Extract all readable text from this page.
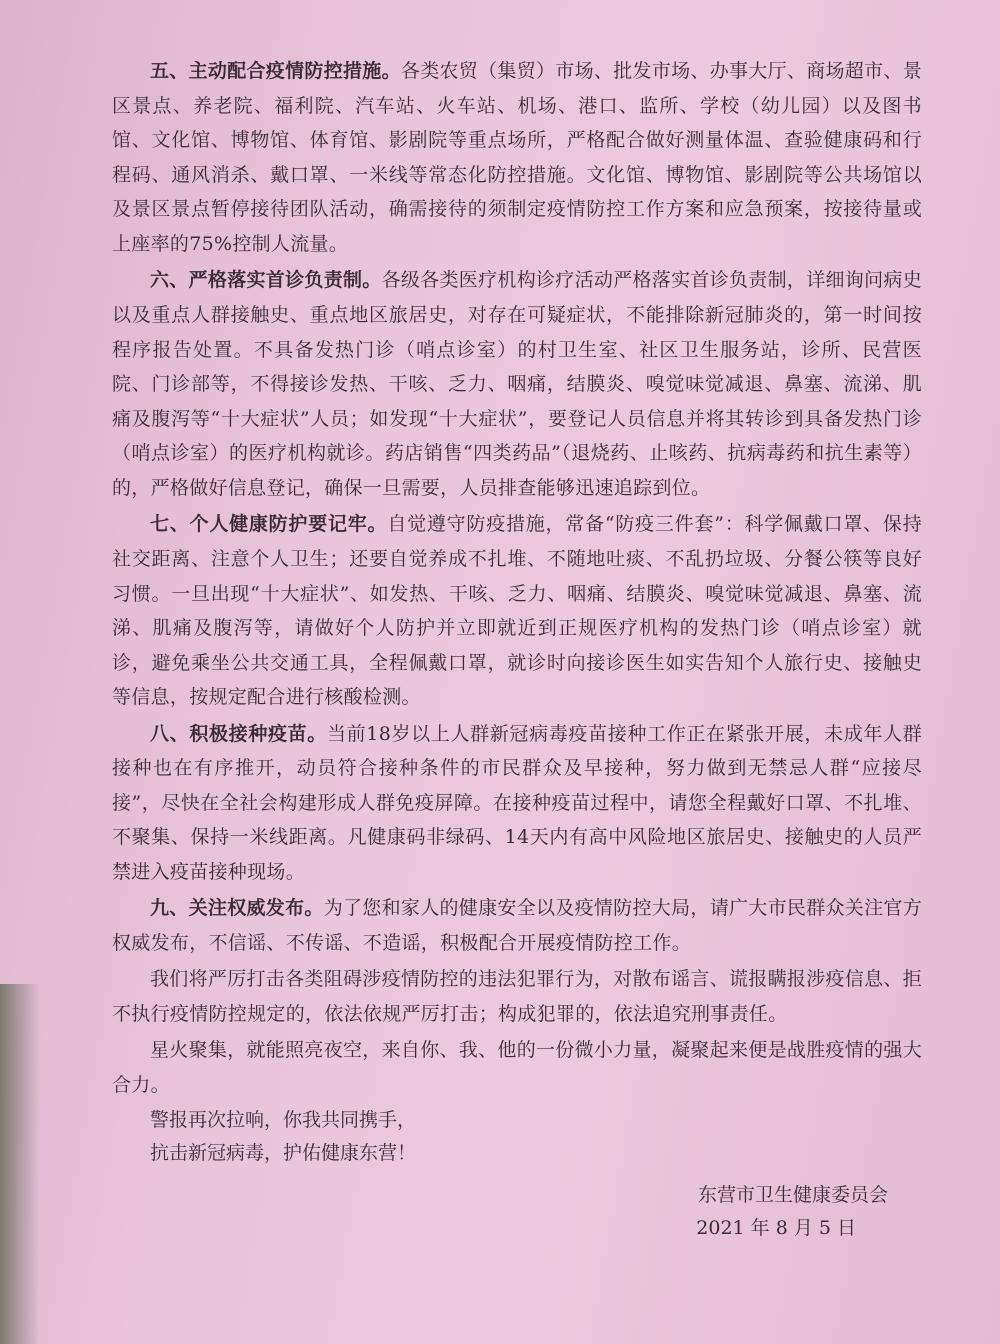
五、主动配合疫情防控措施。各类农贸（集贸）市场、批发市场、办事大厅、商场超市、景区景点、养老院、福利院、汽车站、火车站、机场、港口、监所、学校（幼儿园）以及图书馆、文化馆、博物馆、体育馆、影剧院等重点场所，严格配合做好测量体温、查验健康码和行程码、通风消杀、戴口罩、一米线等常态化防控措施。文化馆、博物馆、影剧院等公共场馆以及景区景点暂停接待团队活动，确需接待的须制定疫情防控工作方案和应急预案，按接待量或上座率的75%控制人流量。

六、严格落实首诊负责制。各级各类医疗机构诊疗活动严格落实首诊负责制，详细询问病史以及重点人群接触史、重点地区旅居史，对存在可疑症状，不能排除新冠肺炎的，第一时间按程序报告处置。不具备发热门诊（哨点诊室）的村卫生室、社区卫生服务站，诊所、民营医院、门诊部等，不得接诊发热、干咳、乏力、咽痛，结膜炎、嗅觉味觉减退、鼻塞、流涕、肌痛及腹泻等“十大症状”人员；如发现“十大症状”，要登记人员信息并将其转诊到具备发热门诊（哨点诊室）的医疗机构就诊。药店销售“四类药品”（退烧药、止咳药、抗病毒药和抗生素等）的，严格做好信息登记，确保一旦需要，人员排查能够迅速追踪到位。

七、个人健康防护要记牢。自觉遵守防疫措施，常备“防疫三件套”：科学佩戴口罩、保持社交距离、注意个人卫生；还要自觉养成不扎堆、不随地吐痰、不乱扔垃圾、分餐公筷等良好习惯。一旦出现“十大症状”、如发热、干咳、乏力、咽痛、结膜炎、嗅觉味觉减退、鼻塞、流涕、肌痛及腹泻等，请做好个人防护并立即就近到正规医疗机构的发热门诊（哨点诊室）就诊，避免乘坐公共交通工具，全程佩戴口罩，就诊时向接诊医生如实告知个人旅行史、接触史等信息，按规定配合进行核酸检测。

八、积极接种疫苗。当前18岁以上人群新冠病毒疫苗接种工作正在紧张开展，未成年人群接种也在有序推开，动员符合接种条件的市民群众及早接种，努力做到无禁忌人群“应接尽接”，尽快在全社会构建形成人群免疫屏障。在接种疫苗过程中，请您全程戴好口罩、不扎堆、不聚集、保持一米线距离。凡健康码非绿码、14天内有高中风险地区旅居史、接触史的人员严禁进入疫苗接种现场。

九、关注权威发布。为了您和家人的健康安全以及疫情防控大局，请广大市民群众关注官方权威发布，不信谣、不传谣、不造谣，积极配合开展疫情防控工作。

我们将严厉打击各类阻碍涉疫情防控的违法犯罪行为，对散布谣言、谎报瞒报涉疫信息、拒不执行疫情防控规定的，依法依规严厉打击；构成犯罪的，依法追究刑事责任。

星火聚集，就能照亮夜空，来自你、我、他的一份微小力量，凝聚起来便是战胜疫情的强大合力。

警报再次拉响，你我共同携手，

抗击新冠病毒，护佑健康东营！

东营市卫生健康委员会
2021 年 8 月 5 日
